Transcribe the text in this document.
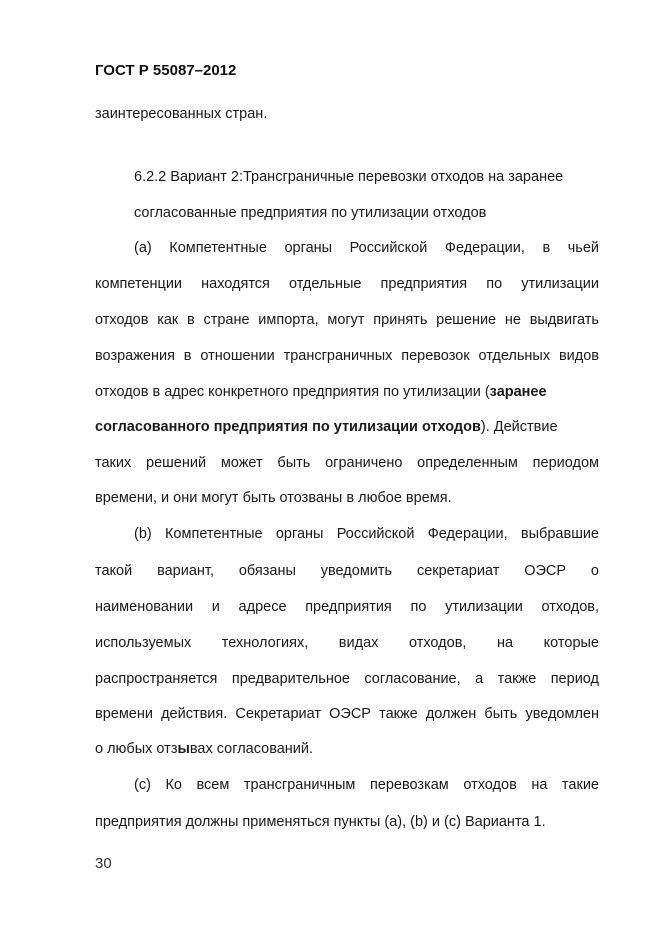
ГОСТ Р 55087–2012
заинтересованных стран.
6.2.2 Вариант 2:Трансграничные перевозки отходов на заранее
согласованные предприятия по утилизации отходов
(a) Компетентные органы Российской Федерации, в чьей
компетенции находятся отдельные предприятия по утилизации
отходов как в стране импорта, могут принять решение не выдвигать
возражения в отношении трансграничных перевозок отдельных видов
отходов в адрес конкретного предприятия по утилизации (заранее
согласованного предприятия по утилизации отходов). Действие
таких решений может быть ограничено определенным периодом
времени, и они могут быть отозваны в любое время.
(b) Компетентные органы Российской Федерации, выбравшие
такой вариант, обязаны уведомить секретариат ОЭСР о
наименовании и адресе предприятия по утилизации отходов,
используемых технологиях, видах отходов, на которые
распространяется предварительное согласование, а также период
времени действия. Секретариат ОЭСР также должен быть уведомлен
о любых отзывах согласований.
(c) Ко всем трансграничным перевозкам отходов на такие
предприятия должны применяться пункты (a), (b) и (c) Варианта 1.
30
